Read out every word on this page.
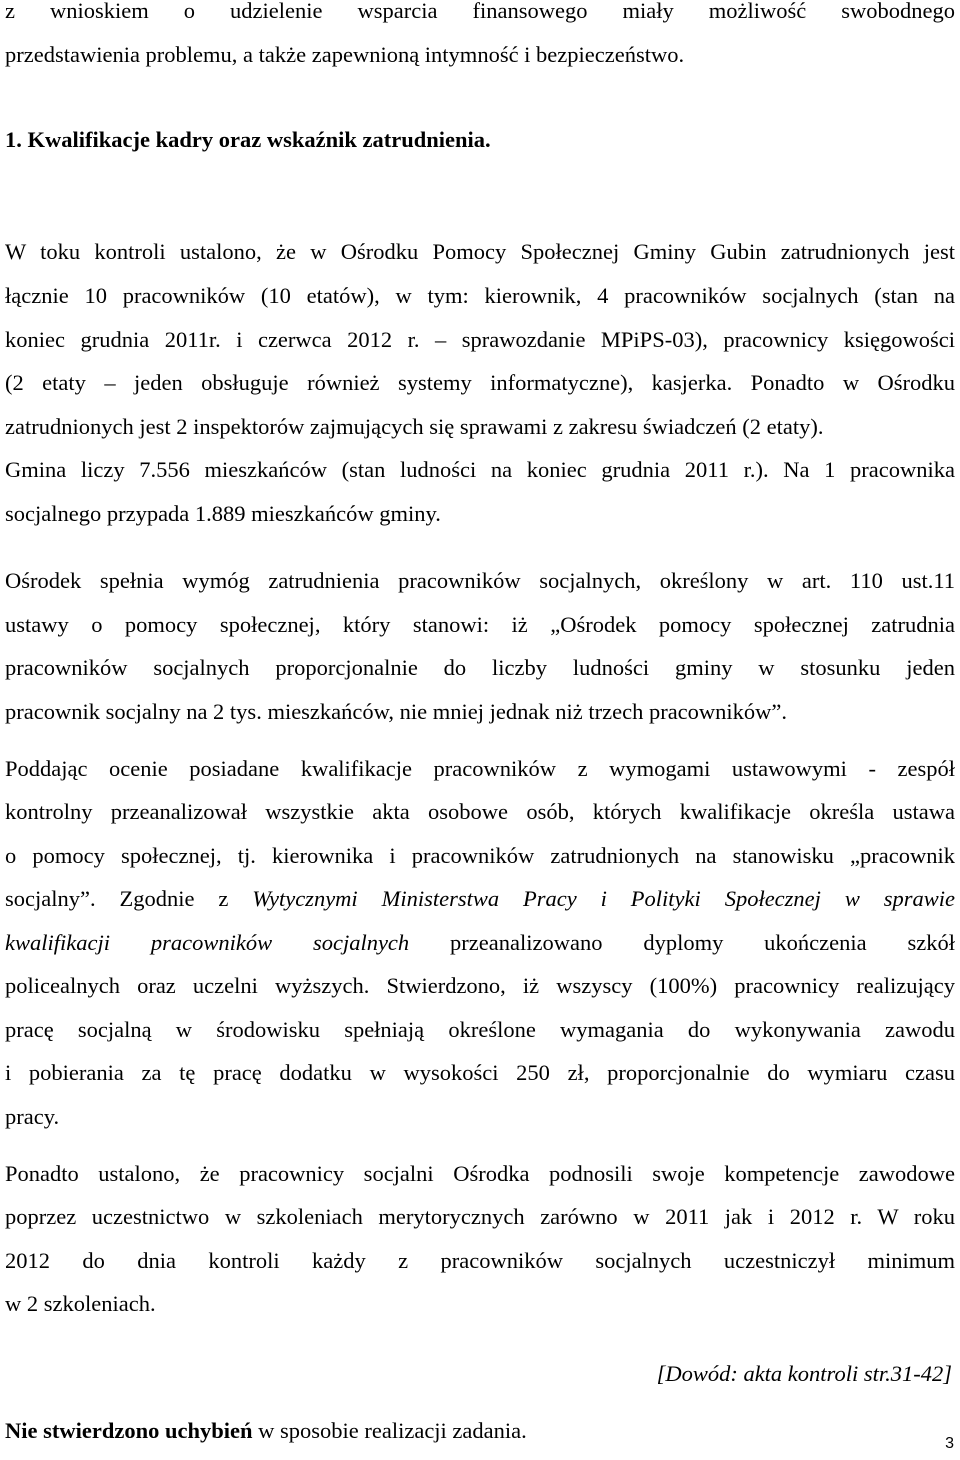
z wnioskiem o udzielenie wsparcia finansowego miały możliwość swobodnego
przedstawienia problemu, a także zapewnioną intymność i bezpieczeństwo.
1. Kwalifikacje kadry oraz wskaźnik zatrudnienia.
W toku kontroli ustalono, że w Ośrodku Pomocy Społecznej Gminy Gubin zatrudnionych jest
łącznie 10 pracowników (10 etatów), w tym: kierownik, 4 pracowników socjalnych (stan na
koniec grudnia 2011r. i czerwca 2012 r. – sprawozdanie MPiPS-03), pracownicy księgowości
(2 etaty – jeden obsługuje również systemy informatyczne), kasjerka. Ponadto w Ośrodku
zatrudnionych jest 2 inspektorów zajmujących się sprawami z zakresu świadczeń (2 etaty).
Gmina liczy 7.556 mieszkańców (stan ludności na koniec grudnia 2011 r.). Na 1 pracownika
socjalnego przypada 1.889 mieszkańców gminy.
Ośrodek spełnia wymóg zatrudnienia pracowników socjalnych, określony w art. 110 ust.11
ustawy o pomocy społecznej, który stanowi: iż „Ośrodek pomocy społecznej zatrudnia
pracowników socjalnych proporcjonalnie do liczby ludności gminy w stosunku jeden
pracownik socjalny na 2 tys. mieszkańców, nie mniej jednak niż trzech pracowników”.
Poddając ocenie posiadane kwalifikacje pracowników z wymogami ustawowymi - zespół
kontrolny przeanalizował wszystkie akta osobowe osób, których kwalifikacje określa ustawa
o pomocy społecznej, tj. kierownika i pracowników zatrudnionych na stanowisku „pracownik
socjalny”. Zgodnie z Wytycznymi Ministerstwa Pracy i Polityki Społecznej w sprawie
kwalifikacji pracowników socjalnych przeanalizowano dyplomy ukończenia szkół
policealnych oraz uczelni wyższych. Stwierdzono, iż wszyscy (100%) pracownicy realizujący
pracę socjalną w środowisku spełniają określone wymagania do wykonywania zawodu
i pobierania za tę pracę dodatku w wysokości 250 zł, proporcjonalnie do wymiaru czasu
pracy.
Ponadto ustalono, że pracownicy socjalni Ośrodka podnosili swoje kompetencje zawodowe
poprzez uczestnictwo w szkoleniach merytorycznych zarówno w 2011 jak i 2012 r. W roku
2012 do dnia kontroli każdy z pracowników socjalnych uczestniczył minimum
w 2 szkoleniach.
[Dowód: akta kontroli str.31-42]
Nie stwierdzono uchybień w sposobie realizacji zadania.
3
